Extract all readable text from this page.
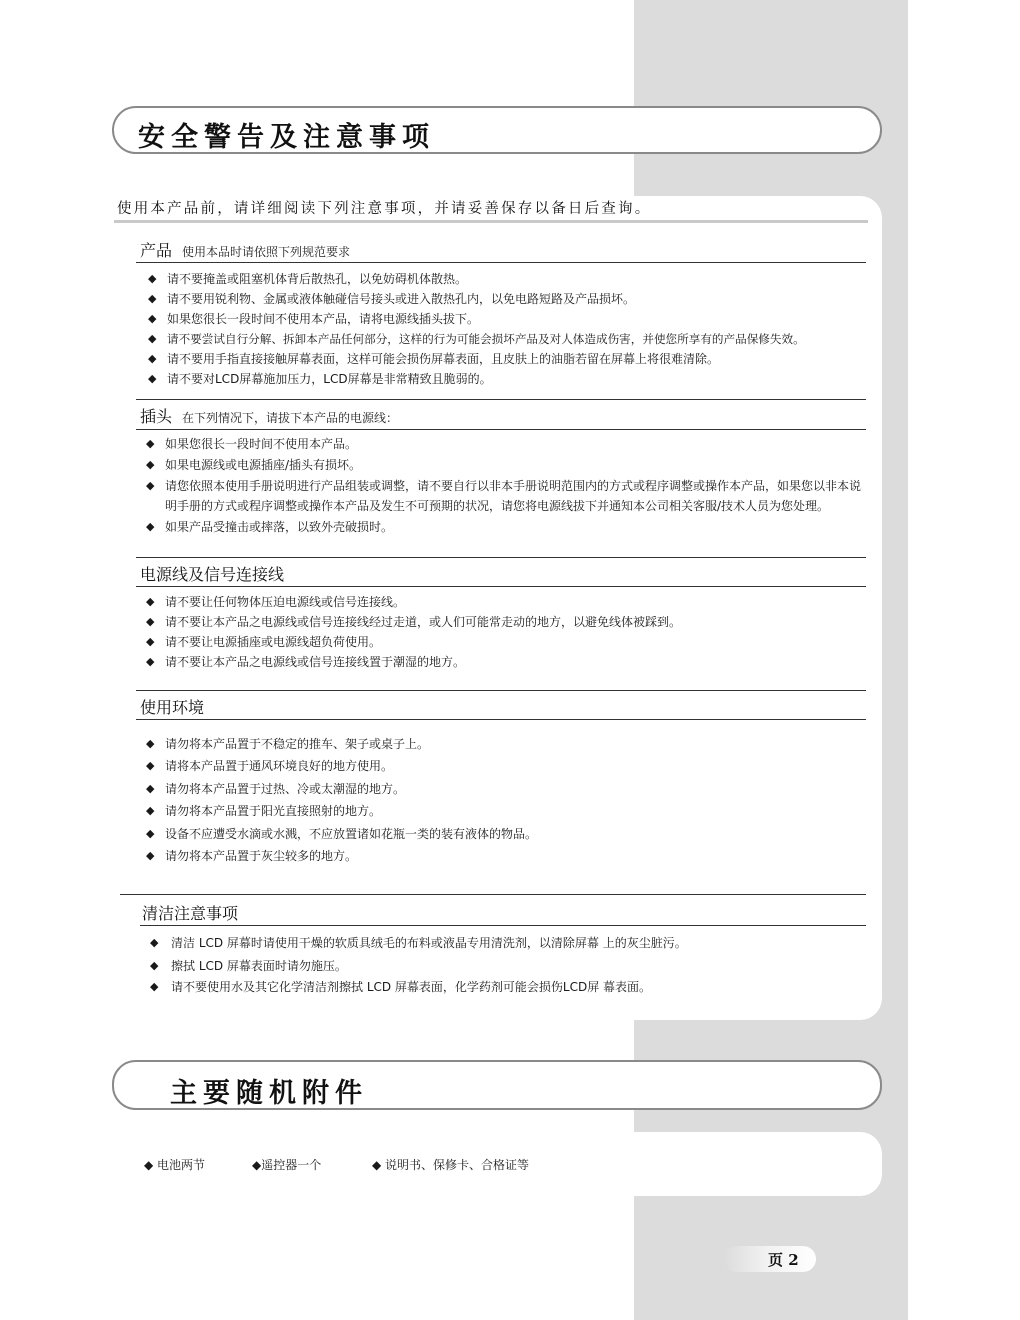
安全警告及注意事项
使用本产品前，请详细阅读下列注意事项，并请妥善保存以备日后查询。
产品 使用本品时请依照下列规范要求
◆ 请不要掩盖或阻塞机体背后散热孔，以免妨碍机体散热。
◆ 请不要用锐利物、金属或液体触碰信号接头或进入散热孔内，以免电路短路及产品损坏。
◆ 如果您很长一段时间不使用本产品，请将电源线插头拔下。
◆ 请不要尝试自行分解、拆卸本产品任何部分，这样的行为可能会损坏产品及对人体造成伤害，并使您所享有的产品保修失效。
◆ 请不要用手指直接接触屏幕表面，这样可能会损伤屏幕表面，且皮肤上的油脂若留在屏幕上将很难清除。
◆ 请不要对LCD屏幕施加压力，LCD屏幕是非常精致且脆弱的。
插头 在下列情况下，请拔下本产品的电源线：
◆ 如果您很长一段时间不使用本产品。
◆ 如果电源线或电源插座/插头有损坏。
◆ 请您依照本使用手册说明进行产品组装或调整，请不要自行以非本手册说明范围内的方式或程序调整或操作本产品，如果您以非本说明手册的方式或程序调整或操作本产品及发生不可预期的状况，请您将电源线拔下并通知本公司相关客服/技术人员为您处理。
◆ 如果产品受撞击或摔落，以致外壳破损时。
电源线及信号连接线
◆ 请不要让任何物体压迫电源线或信号连接线。
◆ 请不要让本产品之电源线或信号连接线经过走道，或人们可能常走动的地方，以避免线体被踩到。
◆ 请不要让电源插座或电源线超负荷使用。
◆ 请不要让本产品之电源线或信号连接线置于潮湿的地方。
使用环境
◆ 请勿将本产品置于不稳定的推车、架子或桌子上。
◆ 请将本产品置于通风环境良好的地方使用。
◆ 请勿将本产品置于过热、冷或太潮湿的地方。
◆ 请勿将本产品置于阳光直接照射的地方。
◆ 设备不应遭受水滴或水溅，不应放置诸如花瓶一类的装有液体的物品。
◆ 请勿将本产品置于灰尘较多的地方。
清洁注意事项
◆ 清洁 LCD 屏幕时请使用干燥的软质具绒毛的布料或液晶专用清洗剂，以清除屏幕 上的灰尘脏污。
◆ 擦拭 LCD 屏幕表面时请勿施压。
◆ 请不要使用水及其它化学清洁剂擦拭 LCD 屏幕表面，化学药剂可能会损伤LCD屏 幕表面。
主要随机附件
◆ 电池两节	◆遥控器一个	◆ 说明书、保修卡、合格证等
页 2
